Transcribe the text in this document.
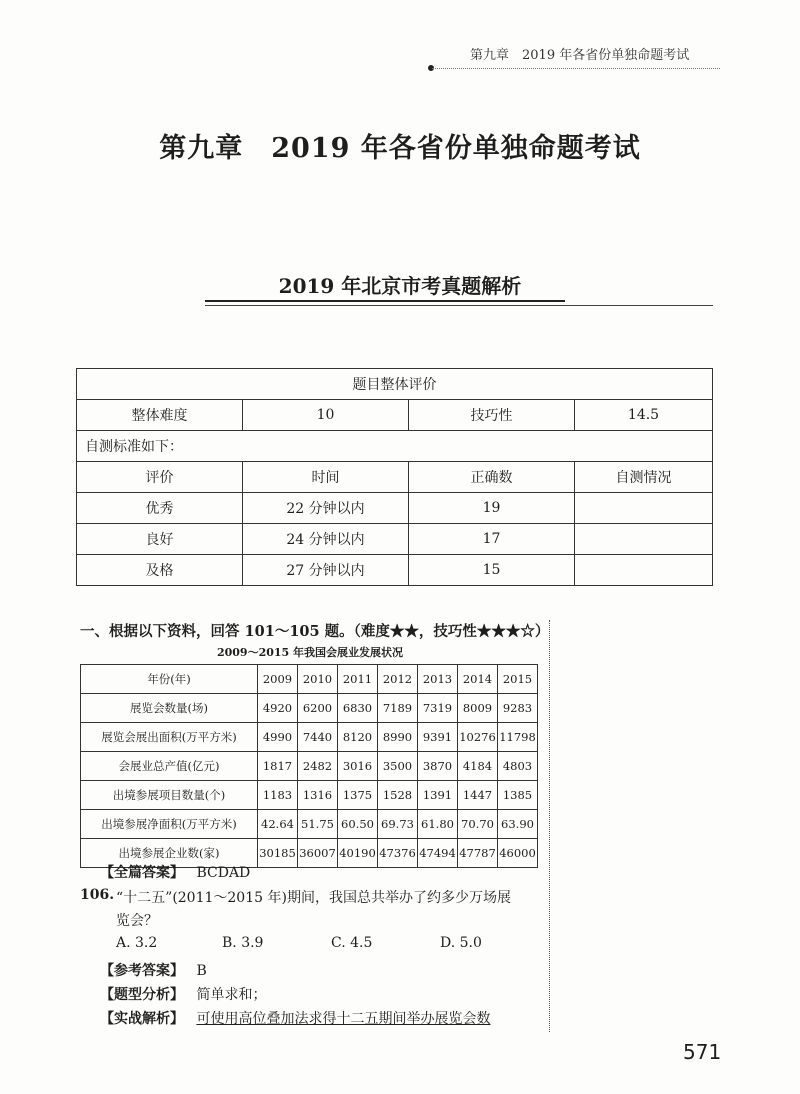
第九章　2019 年各省份单独命题考试
第九章　2019 年各省份单独命题考试
2019 年北京市考真题解析
题目整体评价			
整体难度	10	技巧性	14.5
自测标准如下：			
评价	时间	正确数	自测情况
优秀	22 分钟以内	19	
良好	24 分钟以内	17	
及格	27 分钟以内	15	
一、根据以下资料，回答 101～105 题。（难度★★，技巧性★★★☆）
2009～2015 年我国会展业发展状况
年份(年)	2009	2010	2011	2012	2013	2014	2015
展览会数量(场)	4920	6200	6830	7189	7319	8009	9283
展览会展出面积(万平方米)	4990	7440	8120	8990	9391	10276	11798
会展业总产值(亿元)	1817	2482	3016	3500	3870	4184	4803
出境参展项目数量(个)	1183	1316	1375	1528	1391	1447	1385
出境参展净面积(万平方米)	42.64	51.75	60.50	69.73	61.80	70.70	63.90
出境参展企业数(家)	30185	36007	40190	47376	47494	47787	46000
【全篇答案】 BCDAD
106. “十二五”(2011～2015 年)期间，我国总共举办了约多少万场展
览会？
A. 3.2	B. 3.9	C. 4.5	D. 5.0
【参考答案】 B
【题型分析】 简单求和；
【实战解析】 可使用高位叠加法求得十二五期间举办展览会数
571
